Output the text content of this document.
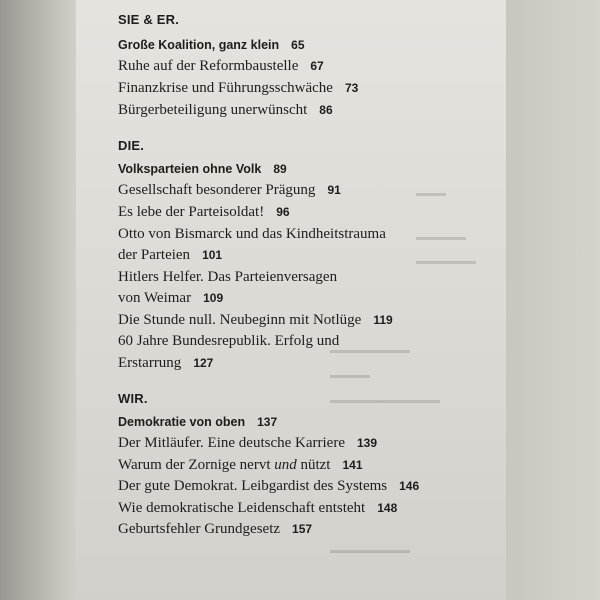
▬▬▬
▬▬▬▬▬
▬▬▬▬▬▬
▬▬▬▬▬▬▬▬
▬▬▬▬
▬▬▬▬▬▬▬▬▬▬▬
▬▬▬▬▬▬▬▬
SIE & ER.
Große Koalition, ganz klein 65
Ruhe auf der Reformbaustelle 67
Finanzkrise und Führungsschwäche 73
Bürgerbeteiligung unerwünscht 86
DIE.
Volksparteien ohne Volk 89
Gesellschaft besonderer Prägung 91
Es lebe der Parteisoldat! 96
Otto von Bismarck und das Kindheitstrauma
der Parteien 101
Hitlers Helfer. Das Parteienversagen
von Weimar 109
Die Stunde null. Neubeginn mit Notlüge 119
60 Jahre Bundesrepublik. Erfolg und
Erstarrung 127
WIR.
Demokratie von oben 137
Der Mitläufer. Eine deutsche Karriere 139
Warum der Zornige nervt und nützt 141
Der gute Demokrat. Leibgardist des Systems 146
Wie demokratische Leidenschaft entsteht 148
Geburtsfehler Grundgesetz 157
